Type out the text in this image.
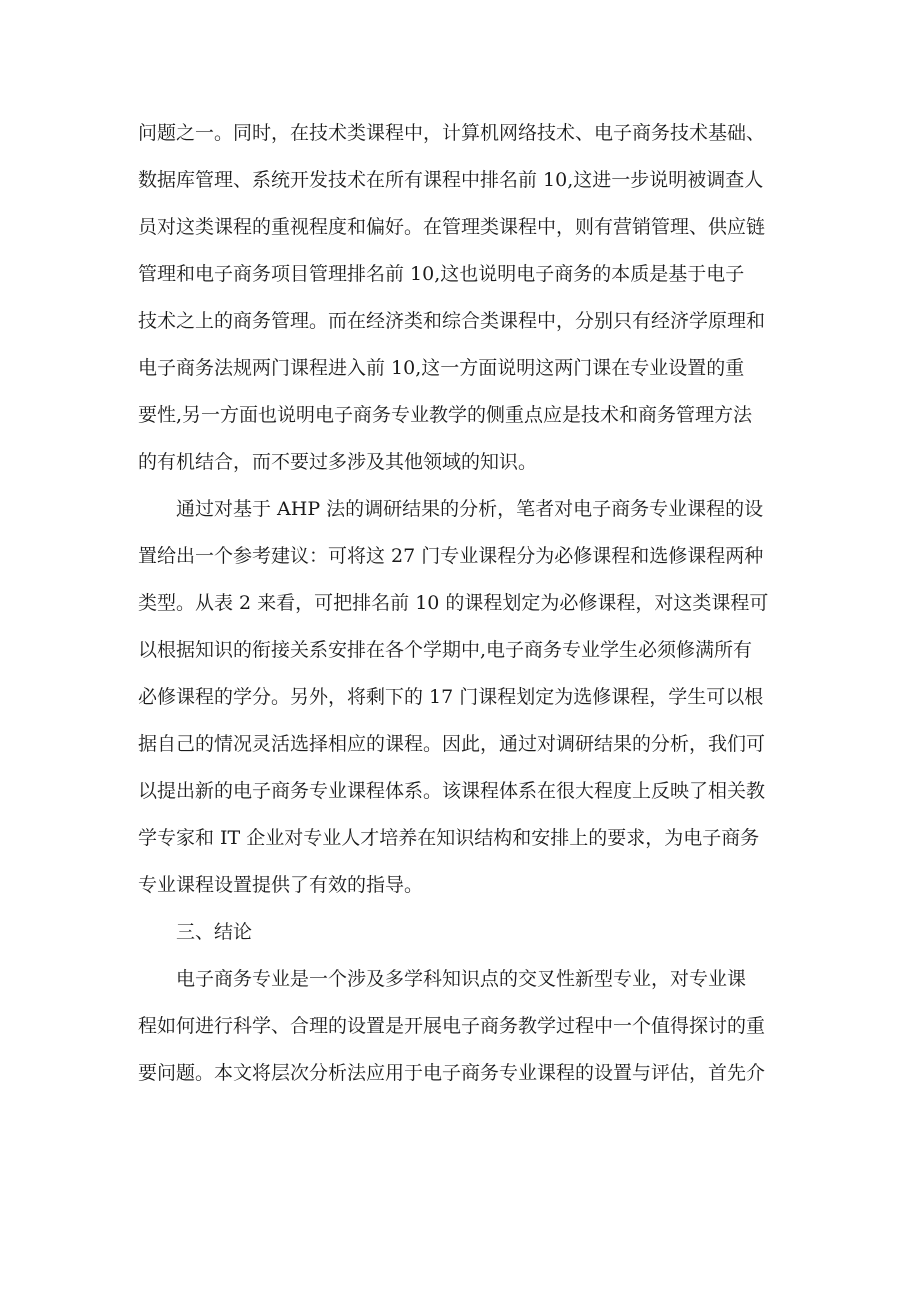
问题之一。同时，在技术类课程中，计算机网络技术、电子商务技术基础、
数据库管理、系统开发技术在所有课程中排名前 10,这进一步说明被调查人
员对这类课程的重视程度和偏好。在管理类课程中，则有营销管理、供应链
管理和电子商务项目管理排名前 10,这也说明电子商务的本质是基于电子
技术之上的商务管理。而在经济类和综合类课程中，分别只有经济学原理和
电子商务法规两门课程进入前 10,这一方面说明这两门课在专业设置的重
要性,另一方面也说明电子商务专业教学的侧重点应是技术和商务管理方法
的有机结合，而不要过多涉及其他领域的知识。
通过对基于 AHP 法的调研结果的分析，笔者对电子商务专业课程的设
置给出一个参考建议：可将这 27 门专业课程分为必修课程和选修课程两种
类型。从表 2 来看，可把排名前 10 的课程划定为必修课程，对这类课程可
以根据知识的衔接关系安排在各个学期中,电子商务专业学生必须修满所有
必修课程的学分。另外，将剩下的 17 门课程划定为选修课程，学生可以根
据自己的情况灵活选择相应的课程。因此，通过对调研结果的分析，我们可
以提出新的电子商务专业课程体系。该课程体系在很大程度上反映了相关教
学专家和 IT 企业对专业人才培养在知识结构和安排上的要求，为电子商务
专业课程设置提供了有效的指导。
三、结论
电子商务专业是一个涉及多学科知识点的交叉性新型专业，对专业课
程如何进行科学、合理的设置是开展电子商务教学过程中一个值得探讨的重
要问题。本文将层次分析法应用于电子商务专业课程的设置与评估，首先介
